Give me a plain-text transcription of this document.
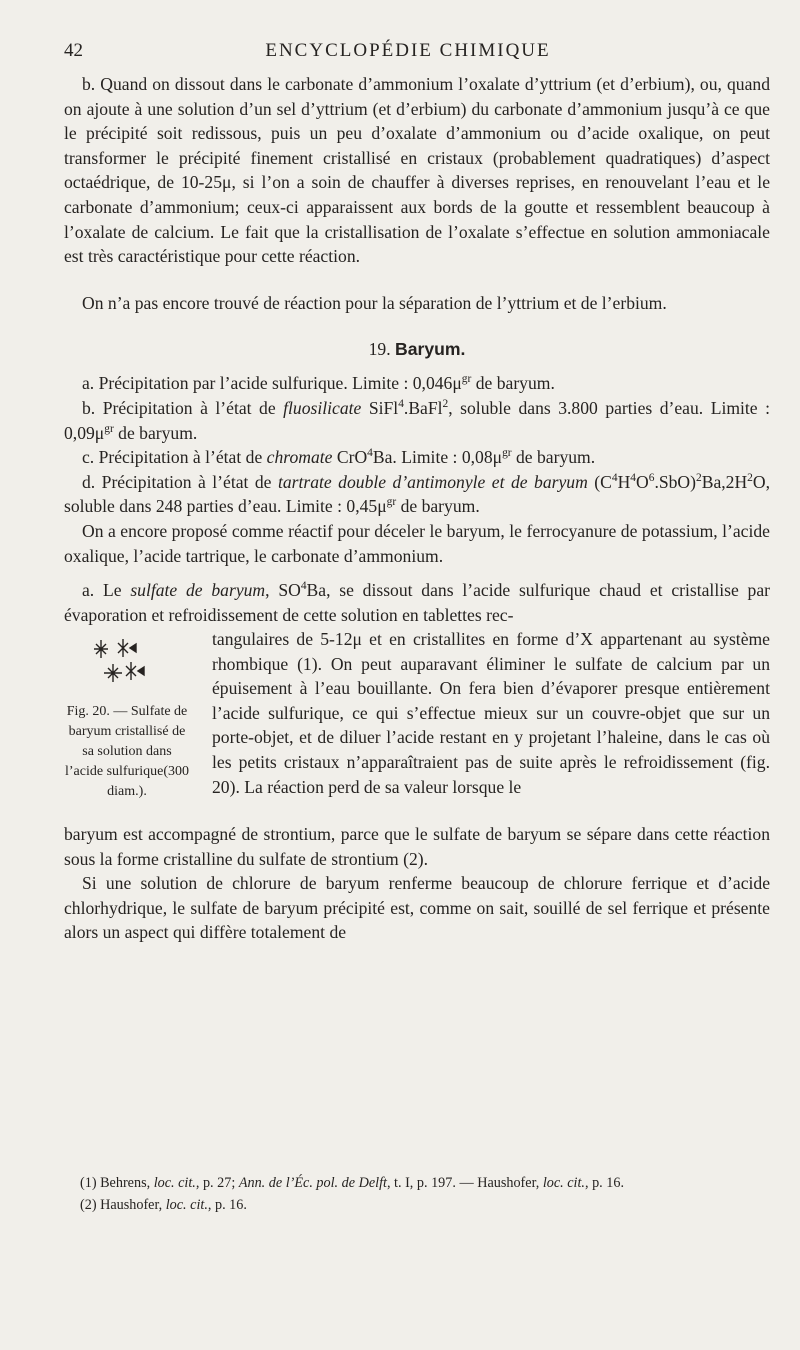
42	ENCYCLOPÉDIE CHIMIQUE

b. Quand on dissout dans le carbonate d’ammonium l’oxalate d’yttrium (et d’erbium), ou, quand on ajoute à une solution d’un sel d’yttrium (et d’erbium) du carbonate d’ammonium jusqu’à ce que le précipité soit redissous, puis un peu d’oxalate d’ammonium ou d’acide oxalique, on peut transformer le précipité finement cristallisé en cristaux (probablement quadratiques) d’aspect octaédrique, de 10-25μ, si l’on a soin de chauffer à diverses reprises, en renouvelant l’eau et le carbonate d’ammonium; ceux-ci apparaissent aux bords de la goutte et ressemblent beaucoup à l’oxalate de calcium. Le fait que la cristallisation de l’oxalate s’effectue en solution ammoniacale est très caractéristique pour cette réaction.

On n’a pas encore trouvé de réaction pour la séparation de l’yttrium et de l’erbium.

19. Baryum.

a. Précipitation par l’acide sulfurique. Limite : $0,046\mu^{gr}$ de baryum.

b. Précipitation à l’état de fluosilicate SiFl$^4$.BaFl$^2$, soluble dans 3.800 parties d’eau. Limite : $0,09\mu^{gr}$ de baryum.

c. Précipitation à l’état de chromate CrO$^4$Ba. Limite : $0,08\mu^{gr}$ de baryum.

d. Précipitation à l’état de tartrate double d’antimonyle et de baryum $(C^4H^4O^6.SbO)^2Ba,2H^2O$, soluble dans 248 parties d’eau. Limite : $0,45\mu^{gr}$ de baryum.

On a encore proposé comme réactif pour déceler le baryum, le ferrocyanure de potassium, l’acide oxalique, l’acide tartrique, le carbonate d’ammonium.

a. Le sulfate de baryum, $SO^4Ba$, se dissout dans l’acide sulfurique chaud et cristallise par évaporation et refroidissement de cette solution en tablettes rec-
Fig. 20. — Sulfate de baryum cristallisé de sa solution dans l’acide sulfurique(300 diam.).
tangulaires de 5-12μ et en cristallites en forme d’X appartenant au système rhombique (1). On peut auparavant éliminer le sulfate de calcium par un épuisement à l’eau bouillante. On fera bien d’évaporer presque entièrement l’acide sulfurique, ce qui s’effectue mieux sur un couvre-objet que sur un porte-objet, et de diluer l’acide restant en y projetant l’haleine, dans le cas où les petits cristaux n’apparaîtraient pas de suite après le refroidissement (fig. 20). La réaction perd de sa valeur lorsque le

baryum est accompagné de strontium, parce que le sulfate de baryum se sépare dans cette réaction sous la forme cristalline du sulfate de strontium (2).

Si une solution de chlorure de baryum renferme beaucoup de chlorure ferrique et d’acide chlorhydrique, le sulfate de baryum précipité est, comme on sait, souillé de sel ferrique et présente alors un aspect qui diffère totalement de

(1) Behrens, loc. cit., p. 27; Ann. de l’Éc. pol. de Delft, t. I, p. 197. — Haushofer, loc. cit., p. 16.

(2) Haushofer, loc. cit., p. 16.
